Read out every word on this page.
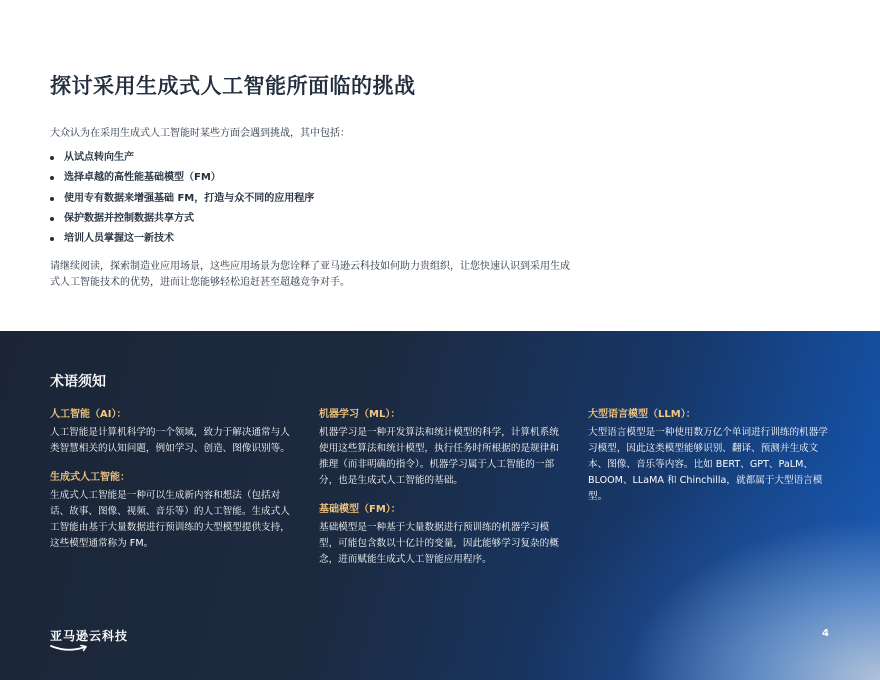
探讨采用生成式人工智能所面临的挑战

大众认为在采用生成式人工智能时某些方面会遇到挑战，其中包括：

从试点转向生产
选择卓越的高性能基础模型（FM）
使用专有数据来增强基础 FM，打造与众不同的应用程序
保护数据并控制数据共享方式
培训人员掌握这一新技术

请继续阅读，探索制造业应用场景，这些应用场景为您诠释了亚马逊云科技如何助力贵组织，让您快速认识到采用生成式人工智能技术的优势，进而让您能够轻松追赶甚至超越竞争对手。

术语须知
人工智能（AI）：
人工智能是计算机科学的一个领域，致力于解决通常与人类智慧相关的认知问题，例如学习、创造、图像识别等。
生成式人工智能：
生成式人工智能是一种可以生成新内容和想法（包括对话、故事、图像、视频、音乐等）的人工智能。生成式人工智能由基于大量数据进行预训练的大型模型提供支持，这些模型通常称为 FM。
机器学习（ML）：
机器学习是一种开发算法和统计模型的科学，计算机系统使用这些算法和统计模型，执行任务时所根据的是规律和推理（而非明确的指令）。机器学习属于人工智能的一部分，也是生成式人工智能的基础。
基础模型（FM）：
基础模型是一种基于大量数据进行预训练的机器学习模型，可能包含数以十亿计的变量，因此能够学习复杂的概念，进而赋能生成式人工智能应用程序。
大型语言模型（LLM）：
大型语言模型是一种使用数万亿个单词进行训练的机器学习模型，因此这类模型能够识别、翻译、预测并生成文本、图像、音乐等内容。比如 BERT、GPT、PaLM、BLOOM、LLaMA 和 Chinchilla，就都属于大型语言模型。
亚马逊云科技	4
